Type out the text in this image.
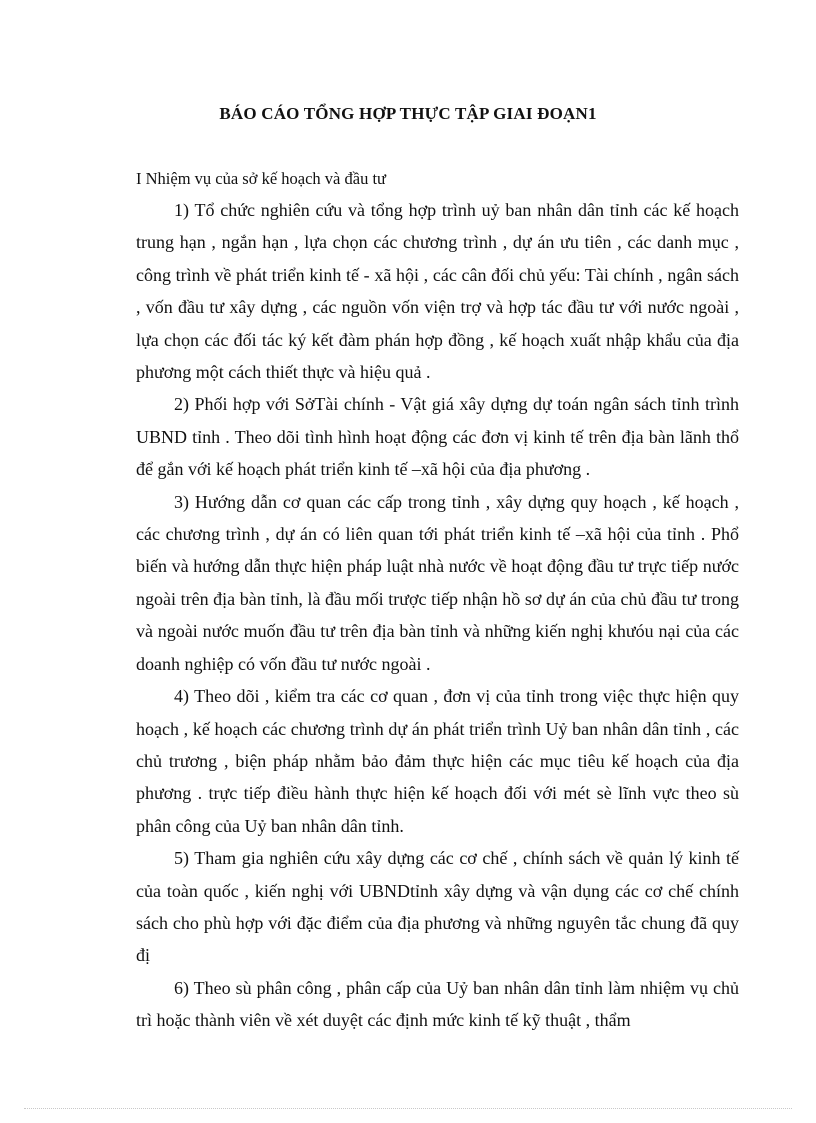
BÁO CÁO TỔNG HỢP THỰC TẬP GIAI ĐOẠN1
I Nhiệm vụ của sở kế hoạch và đầu tư

1) Tổ chức nghiên cứu và tổng hợp trình uỷ ban nhân dân tỉnh các kế hoạch trung hạn , ngắn hạn , lựa chọn các chương trình , dự án ưu tiên , các danh mục , công trình về phát triển kinh tế - xã hội , các cân đối chủ yếu: Tài chính , ngân sách , vốn đầu tư xây dựng , các nguồn vốn viện trợ và hợp tác đầu tư với nước ngoài , lựa chọn các đối tác ký kết đàm phán hợp đồng , kế hoạch xuất nhập khẩu của địa phương một cách thiết thực và hiệu quả .

2) Phối hợp với SởTài chính - Vật giá xây dựng dự toán ngân sách tỉnh trình UBND tỉnh . Theo dõi tình hình hoạt động các đơn vị kinh tế trên địa bàn lãnh thổ để gắn với kế hoạch phát triển kinh tế –xã hội của địa phương .

3) Hướng dẫn cơ quan các cấp trong tỉnh , xây dựng quy hoạch , kế hoạch , các chương trình , dự án có liên quan tới phát triển kinh tế –xã hội của tỉnh . Phổ biến và hướng dẫn thực hiện pháp luật nhà nước về hoạt động đầu tư trực tiếp nước ngoài trên địa bàn tỉnh, là đầu mối trược tiếp nhận hồ sơ dự án của chủ đầu tư trong và ngoài nước muốn đầu tư trên địa bàn tỉnh và những kiến nghị khưóu nại của các doanh nghiệp có vốn đầu tư nước ngoài .

4) Theo dõi , kiểm tra các cơ quan , đơn vị của tỉnh trong việc thực hiện quy hoạch , kế hoạch các chương trình dự án phát triển trình Uỷ ban nhân dân tỉnh , các chủ trương , biện pháp nhằm bảo đảm thực hiện các mục tiêu kế hoạch của địa phương . trực tiếp điều hành thực hiện kế hoạch đối với mét sè lĩnh vực theo sù phân công của Uỷ ban nhân dân tỉnh.

5) Tham gia nghiên cứu xây dựng các cơ chế , chính sách về quản lý kinh tế của toàn quốc , kiến nghị với UBNDtỉnh xây dựng và vận dụng các cơ chế chính sách cho phù hợp với đặc điểm của địa phương và những nguyên tắc chung đã quy đị

6) Theo sù phân công , phân cấp của Uỷ ban nhân dân tỉnh làm nhiệm vụ chủ trì hoặc thành viên về xét duyệt các định mức kinh tế kỹ thuật , thẩm
